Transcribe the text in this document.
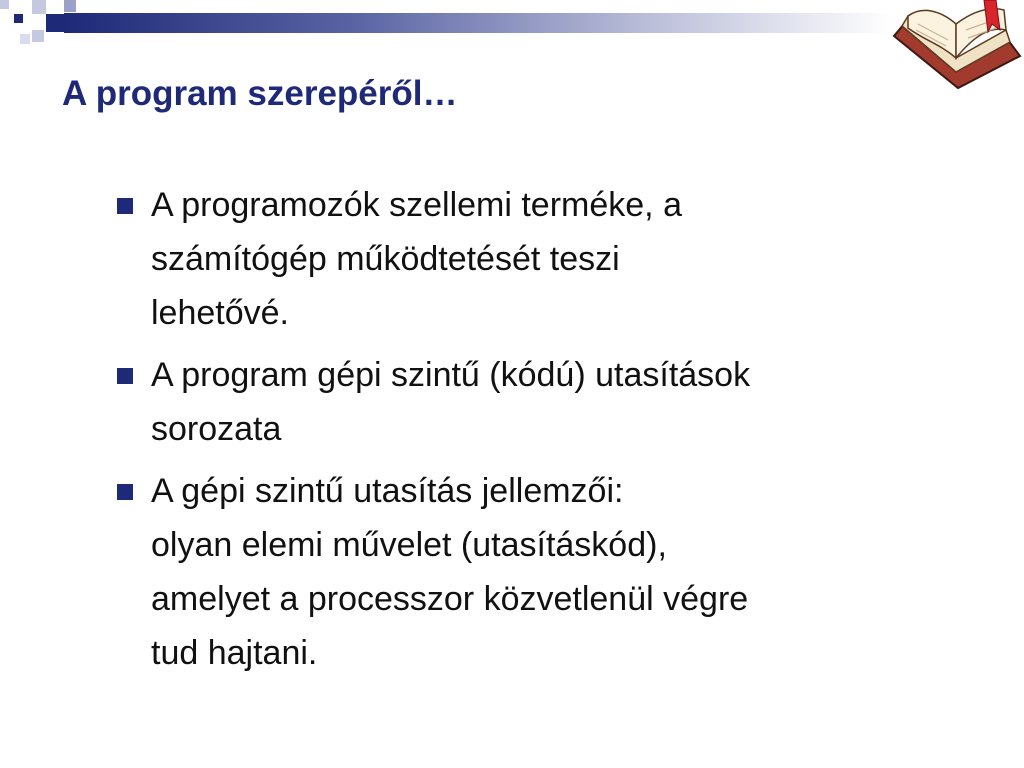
A program szerepéről…
A programozók szellemi terméke, a
számítógép működtetését teszi
lehetővé.
A program gépi szintű (kódú) utasítások
sorozata
A gépi szintű utasítás jellemzői:
olyan elemi művelet (utasításkód),
amelyet a processzor közvetlenül végre
tud hajtani.
